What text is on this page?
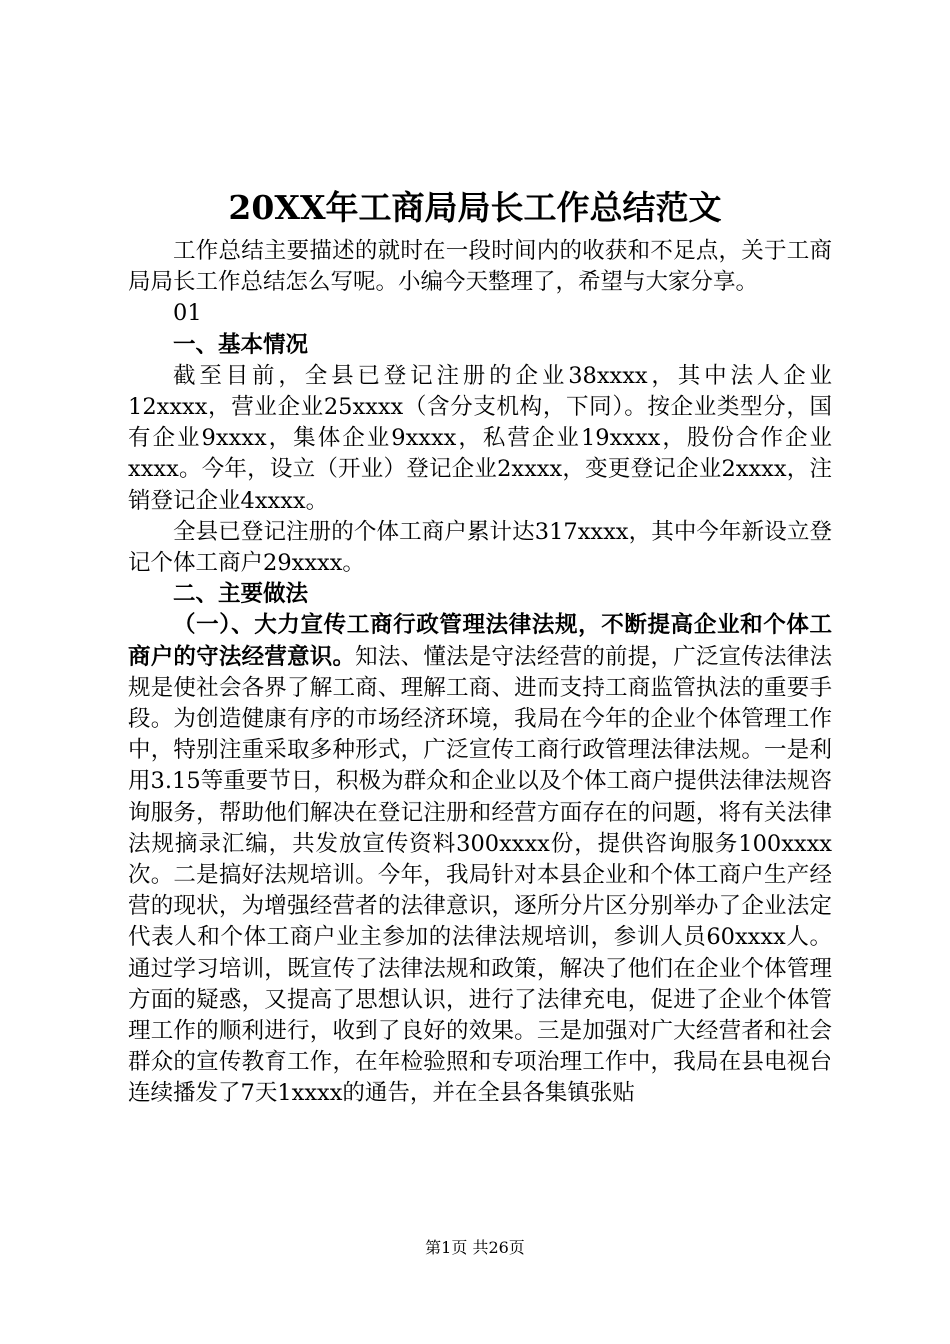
20XX年工商局局长工作总结范文

工作总结主要描述的就时在一段时间内的收获和不足点，关于工商局局长工作总结怎么写呢。小编今天整理了，希望与大家分享。

01

一、基本情况

截至目前，全县已登记注册的企业38xxxx，其中法人企业12xxxx，营业企业25xxxx（含分支机构，下同）。按企业类型分，国有企业9xxxx，集体企业9xxxx，私营企业19xxxx，股份合作企业xxxx。今年，设立（开业）登记企业2xxxx，变更登记企业2xxxx，注销登记企业4xxxx。

全县已登记注册的个体工商户累计达317xxxx，其中今年新设立登记个体工商户29xxxx。

二、主要做法

（一）、大力宣传工商行政管理法律法规，不断提高企业和个体工商户的守法经营意识。知法、懂法是守法经营的前提，广泛宣传法律法规是使社会各界了解工商、理解工商、进而支持工商监管执法的重要手段。为创造健康有序的市场经济环境，我局在今年的企业个体管理工作中，特别注重采取多种形式，广泛宣传工商行政管理法律法规。一是利用3.15等重要节日，积极为群众和企业以及个体工商户提供法律法规咨询服务，帮助他们解决在登记注册和经营方面存在的问题，将有关法律法规摘录汇编，共发放宣传资料300xxxx份，提供咨询服务100xxxx次。二是搞好法规培训。今年，我局针对本县企业和个体工商户生产经营的现状，为增强经营者的法律意识，逐所分片区分别举办了企业法定代表人和个体工商户业主参加的法律法规培训，参训人员60xxxx人。通过学习培训，既宣传了法律法规和政策，解决了他们在企业个体管理方面的疑惑，又提高了思想认识，进行了法律充电，促进了企业个体管理工作的顺利进行，收到了良好的效果。三是加强对广大经营者和社会群众的宣传教育工作，在年检验照和专项治理工作中，我局在县电视台连续播发了7天1xxxx的通告，并在全县各集镇张贴

第1页 共26页
